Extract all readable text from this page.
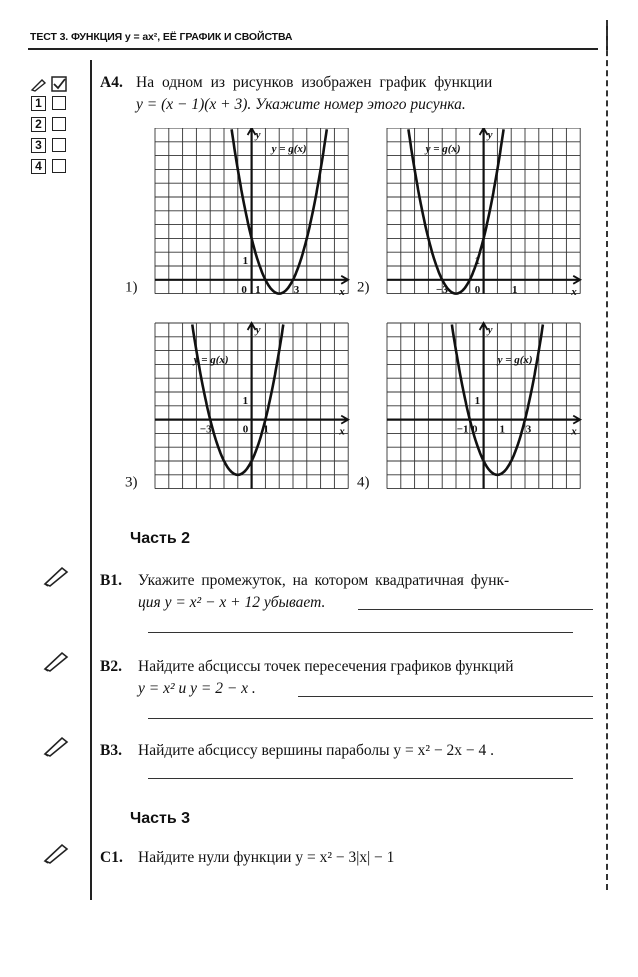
ТЕСТ 3. ФУНКЦИЯ y = ax², ЕЁ ГРАФИК И СВОЙСТВА
1
2
3
4
A4. На одном из рисунков изображен график функции
y = (x − 1)(x + 3). Укажите номер этого рисунка.
y
x
y = g(x)
1
0 1	3
1)
y
x
y = g(x)
1
−3 0	1
2)
y
x
y = g(x)
1
−3	0 1
3)
y
x
y = g(x)
1
−1 0 1 3
4)
Часть 2
B1. Укажите промежуток, на котором квадратичная функ-
ция y = x² − x + 12 убывает.
B2. Найдите абсциссы точек пересечения графиков функций
y = x² и y = 2 − x .
B3. Найдите абсциссу вершины параболы y = x² − 2x − 4 .
Часть 3
C1. Найдите нули функции y = x² − 3|x| − 1
